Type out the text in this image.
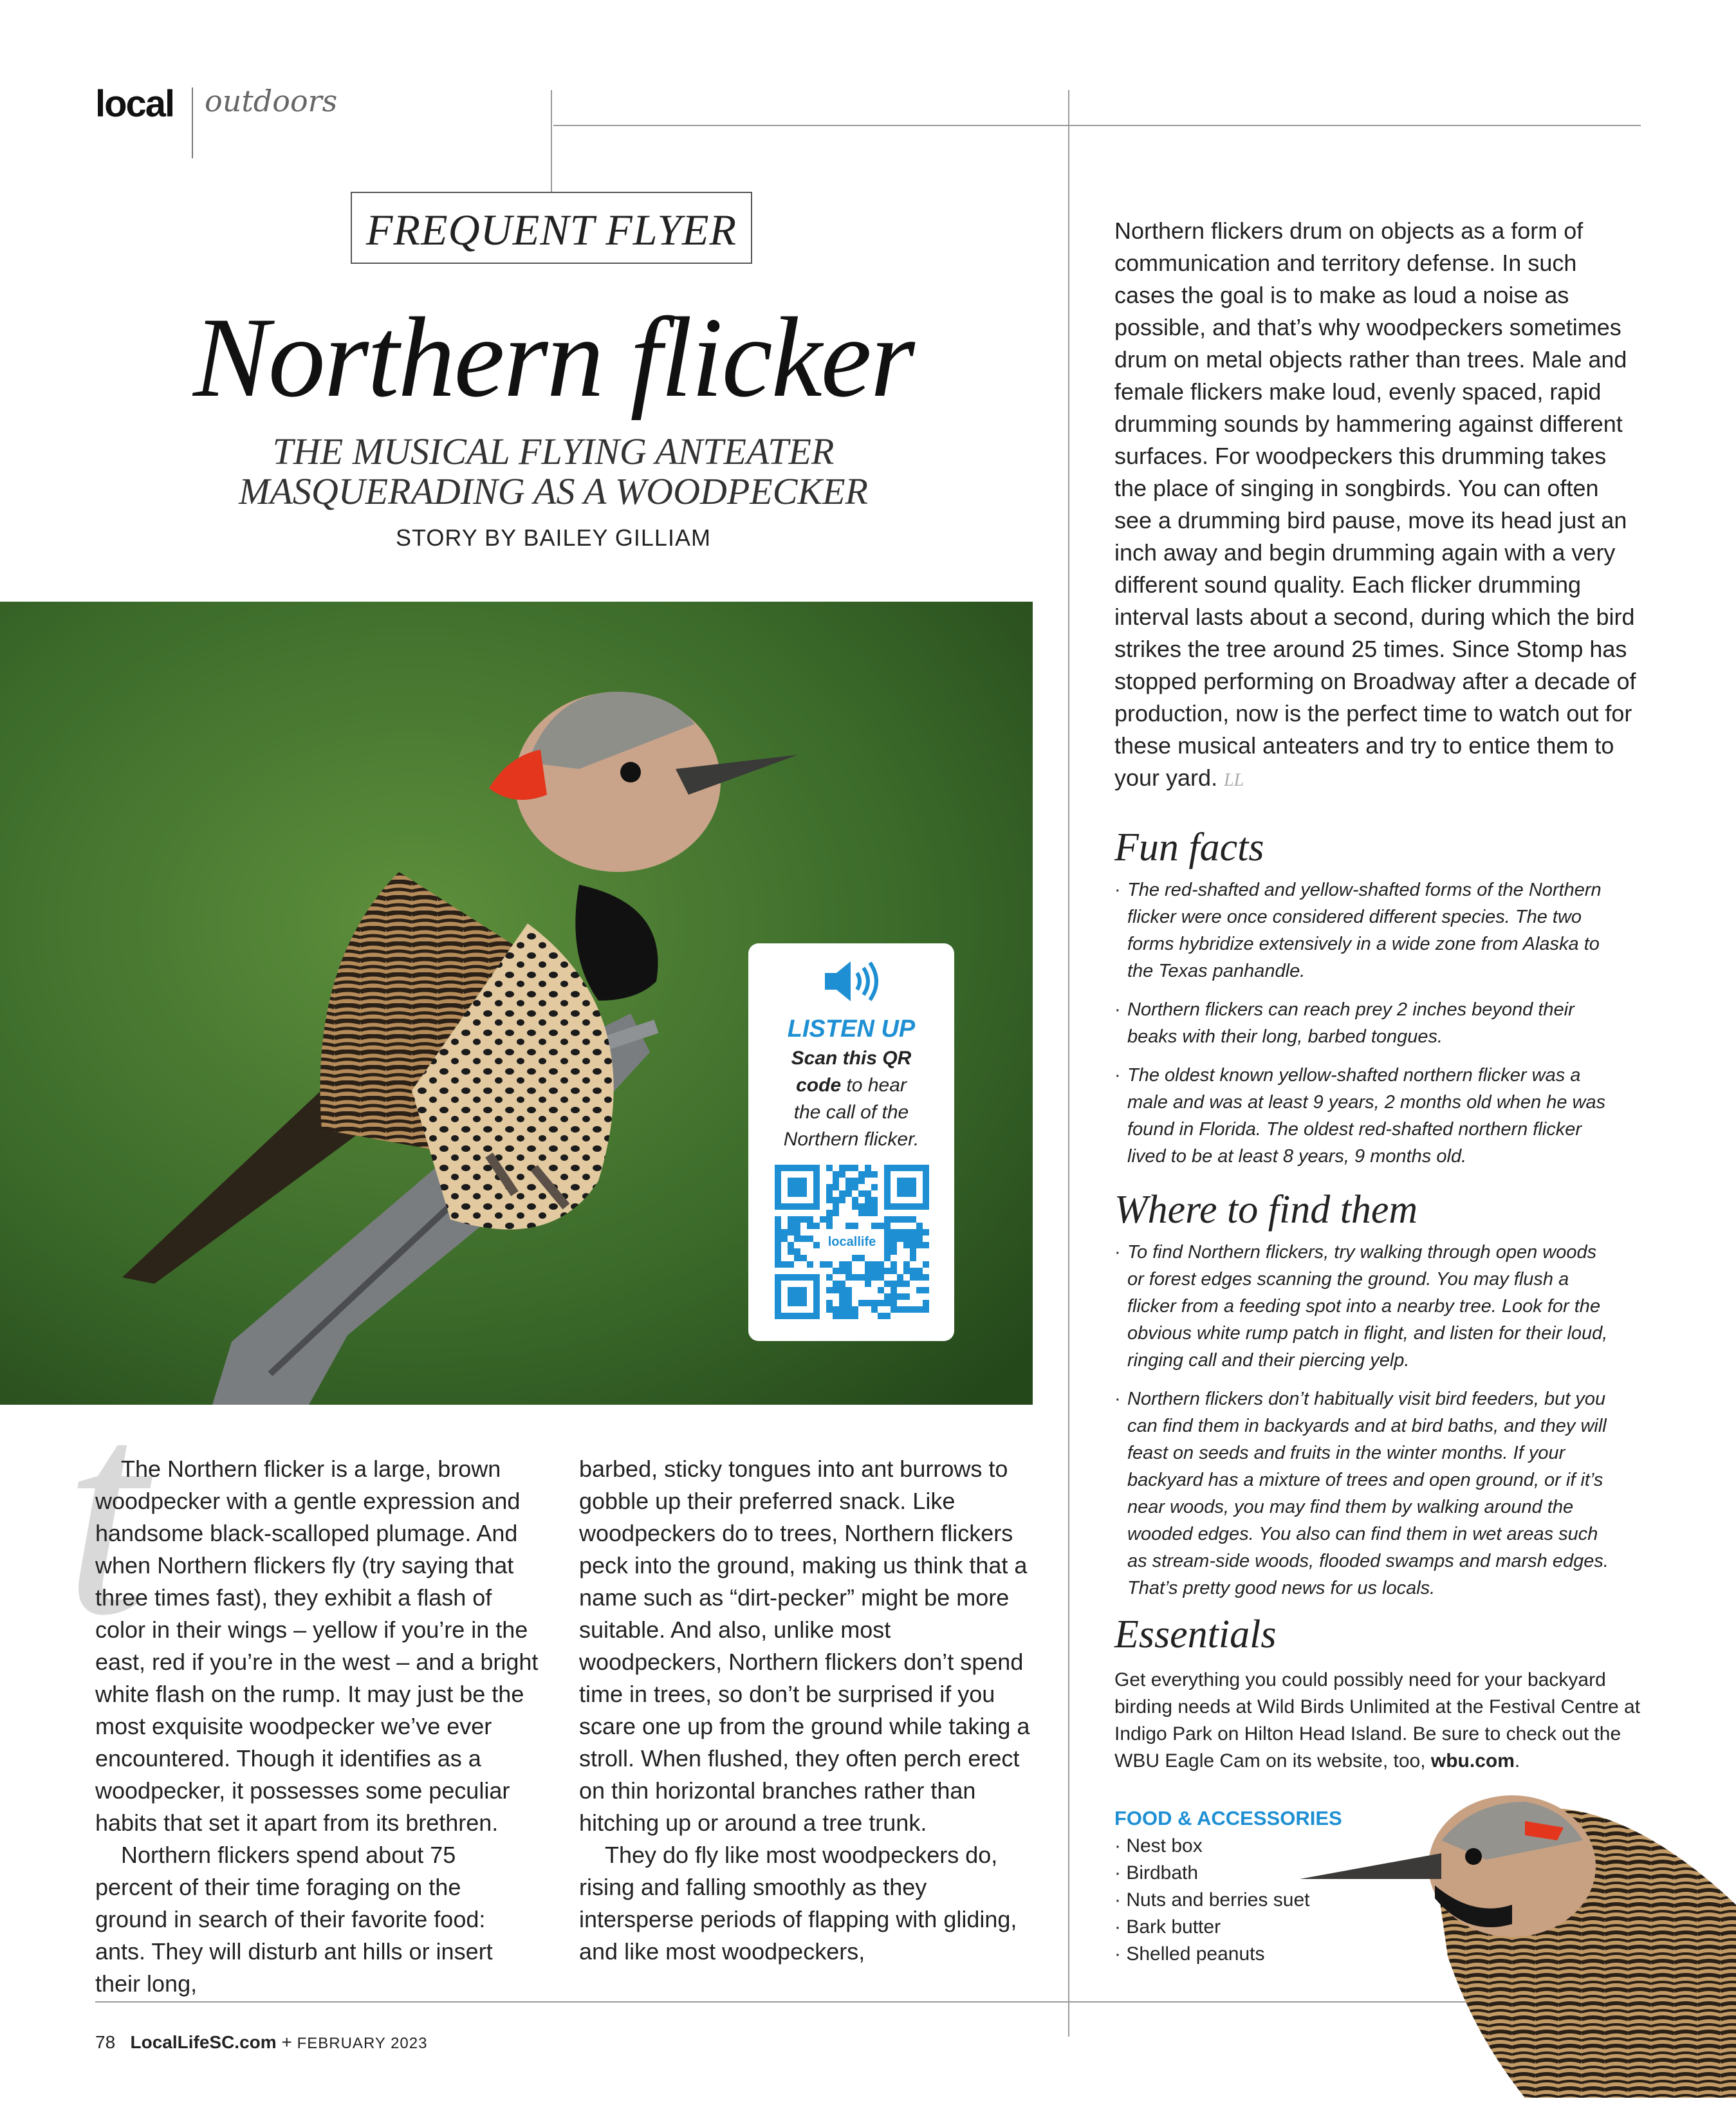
local outdoors
FREQUENT FLYER
Northern flicker
THE MUSICAL FLYING ANTEATER
MASQUERADING AS A WOODPECKER
STORY BY BAILEY GILLIAM
LISTEN UP
Scan this QR
code to hear
the call of the
Northern flicker.
locallife
t

The Northern flicker is a large, brown woodpecker with a gentle expression and handsome black-scalloped plumage. And when Northern flickers fly (try saying that three times fast), they exhibit a flash of color in their wings – yellow if you’re in the east, red if you’re in the west – and a bright white flash on the rump. It may just be the most exquisite woodpecker we’ve ever encountered. Though it identifies as a woodpecker, it possesses some peculiar habits that set it apart from its brethren.

Northern flickers spend about 75 percent of their time foraging on the ground in search of their favorite food: ants. They will disturb ant hills or insert their long,

barbed, sticky tongues into ant burrows to gobble up their preferred snack. Like woodpeckers do to trees, Northern flickers peck into the ground, making us think that a name such as “dirt-pecker” might be more suitable. And also, unlike most woodpeckers, Northern flickers don’t spend time in trees, so don’t be surprised if you scare one up from the ground while taking a stroll. When flushed, they often perch erect on thin horizontal branches rather than hitching up or around a tree trunk.

They do fly like most woodpeckers do, rising and falling smoothly as they intersperse periods of flapping with gliding, and like most woodpeckers,

Northern flickers drum on objects as a form of communication and territory defense. In such cases the goal is to make as loud a noise as possible, and that’s why woodpeckers sometimes drum on metal objects rather than trees. Male and female flickers make loud, evenly spaced, rapid drumming sounds by hammering against different surfaces. For woodpeckers this drumming takes the place of singing in songbirds. You can often see a drumming bird pause, move its head just an inch away and begin drumming again with a very different sound quality. Each flicker drumming interval lasts about a second, during which the bird strikes the tree around 25 times. Since Stomp has stopped performing on Broadway after a decade of production, now is the perfect time to watch out for these musical anteaters and try to entice them to your yard. LL

Fun facts
· The red-shafted and yellow-shafted forms of the Northern flicker were once considered different species. The two forms hybridize extensively in a wide zone from Alaska to the Texas panhandle.
· Northern flickers can reach prey 2 inches beyond their beaks with their long, barbed tongues.
· The oldest known yellow-shafted northern flicker was a male and was at least 9 years, 2 months old when he was found in Florida. The oldest red-shafted northern flicker lived to be at least 8 years, 9 months old.
Where to find them
· To find Northern flickers, try walking through open woods or forest edges scanning the ground. You may flush a flicker from a feeding spot into a nearby tree. Look for the obvious white rump patch in flight, and listen for their loud, ringing call and their piercing yelp.
· Northern flickers don’t habitually visit bird feeders, but you can find them in backyards and at bird baths, and they will feast on seeds and fruits in the winter months. If your backyard has a mixture of trees and open ground, or if it’s near woods, you may find them by walking around the wooded edges. You also can find them in wet areas such as stream-side woods, flooded swamps and marsh edges. That’s pretty good news for us locals.
Essentials
Get everything you could possibly need for your backyard birding needs at Wild Birds Unlimited at the Festival Centre at Indigo Park on Hilton Head Island. Be sure to check out the WBU Eagle Cam on its website, too, wbu.com.
FOOD & ACCESSORIES
· Nest box
· Birdbath
· Nuts and berries suet
· Bark butter
· Shelled peanuts
78 LocalLifeSC.com + FEBRUARY 2023
